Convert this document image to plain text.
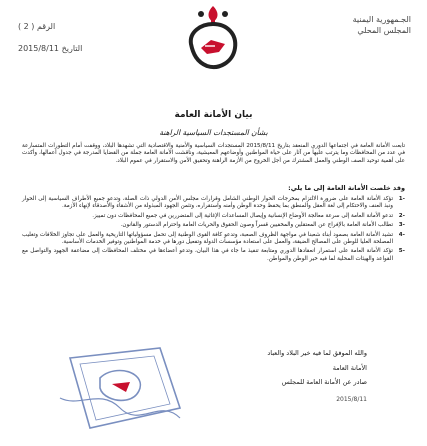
الجـمهورية اليمنية
المجلس المحلي
الرقم ( 2 )
التاريخ 2015/8/11
بيان الأمانة العامة
بشأن المستجدات السياسية الراهنة
تابعت الأمانة العامة في اجتماعها الدوري المنعقد بتاريخ 2015/8/11 المستجدات السياسية والأمنية والاقتصادية التي تشهدها البلاد، ووقفت أمام التطورات المتسارعة في عدد من المحافظات وما يترتب عليها من آثار على حياة المواطنين وأوضاعهم المعيشية، وناقشت الأمانة العامة جملة من القضايا المدرجة في جدول أعمالها، وأكدت على أهمية توحيد الصف الوطني والعمل المشترك من أجل الخروج من الأزمة الراهنة وتحقيق الأمن والاستقرار في عموم البلاد.
وقد خلصت الأمانة العامة إلى ما يلي:
-1
تؤكد الأمانة العامة على ضرورة الالتزام بمخرجات الحوار الوطني الشامل وقرارات مجلس الأمن الدولي ذات الصلة، وتدعو جميع الأطراف السياسية إلى الحوار ونبذ العنف والاحتكام إلى لغة العقل والمنطق بما يحفظ وحدة الوطن وأمنه واستقراره، وتثمن الجهود المبذولة من الأشقاء والأصدقاء لإنهاء الأزمة.
-2
تدعو الأمانة العامة إلى سرعة معالجة الأوضاع الإنسانية وإيصال المساعدات الإغاثية إلى المتضررين في جميع المحافظات دون تمييز.
-3
تطالب الأمانة العامة بالإفراج عن المعتقلين والمخفيين قسراً وصون الحقوق والحريات العامة واحترام الدستور والقانون.
-4
تشيد الأمانة العامة بصمود أبناء شعبنا في مواجهة الظروف الصعبة، وتدعو كافة القوى الوطنية إلى تحمل مسؤولياتها التاريخية والعمل على تجاوز الخلافات وتغليب المصلحة العليا للوطن على المصالح الضيقة، والعمل على استعادة مؤسسات الدولة وتفعيل دورها في خدمة المواطنين وتوفير الخدمات الأساسية.
-5
تؤكد الأمانة العامة على استمرار انعقادها الدوري ومتابعة تنفيذ ما جاء في هذا البيان، وتدعو أعضاءها في مختلف المحافظات إلى مضاعفة الجهود والتواصل مع القواعد والهيئات المحلية لما فيه خير الوطن والمواطن.
والله الموفق لما فيه خير البلاد والعباد
الأمانة العامة
صادر عن الأمانة العامة للمجلس
2015/8/11
